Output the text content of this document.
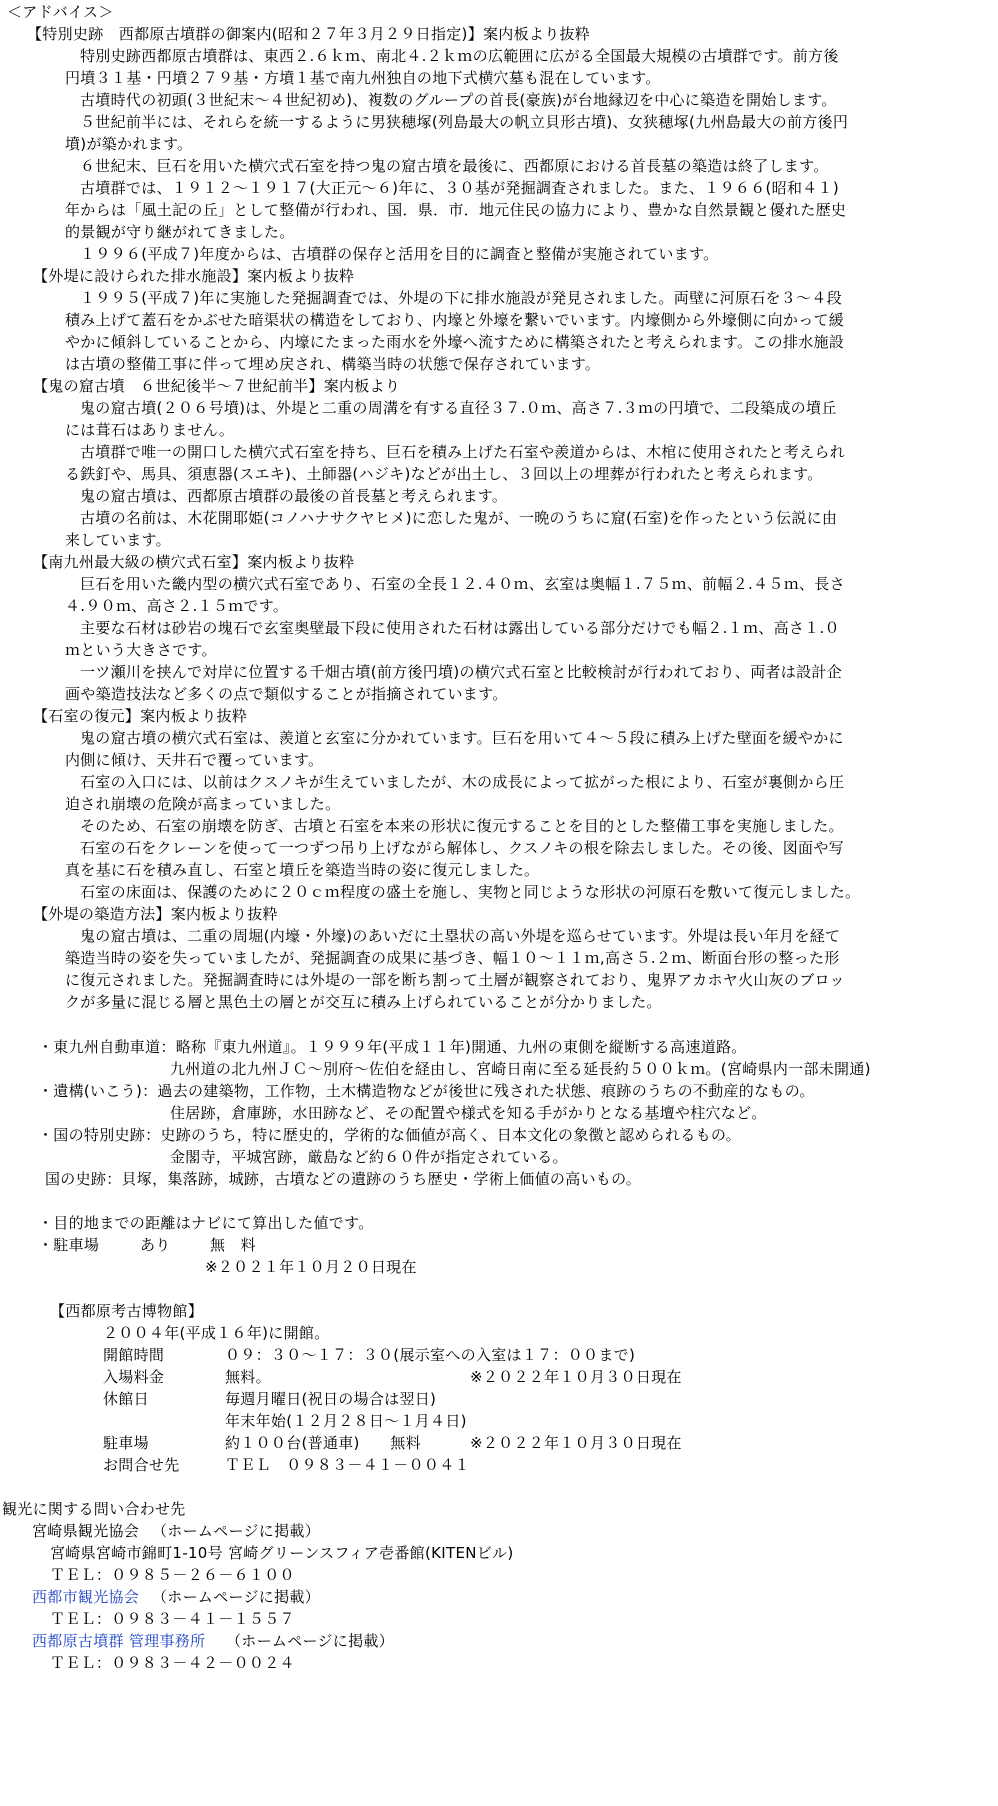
＜アドバイス＞
【特別史跡　西都原古墳群の御案内(昭和２７年３月２９日指定)】案内板より抜粋
特別史跡西都原古墳群は、東西２.６ｋｍ、南北４.２ｋｍの広範囲に広がる全国最大規模の古墳群です。前方後
円墳３１基・円墳２７９基・方墳１基で南九州独自の地下式横穴墓も混在しています。
古墳時代の初頭(３世紀末～４世紀初め)、複数のグループの首長(豪族)が台地縁辺を中心に築造を開始します。
５世紀前半には、それらを統一するように男狭穂塚(列島最大の帆立貝形古墳)、女狭穂塚(九州島最大の前方後円
墳)が築かれます。
６世紀末、巨石を用いた横穴式石室を持つ鬼の窟古墳を最後に、西都原における首長墓の築造は終了します。
古墳群では、１９１２～１９１７(大正元～６)年に、３０基が発掘調査されました。また、１９６６(昭和４１)
年からは「風土記の丘」として整備が行われ、国．県．市．地元住民の協力により、豊かな自然景観と優れた歴史
的景観が守り継がれてきました。
１９９６(平成７)年度からは、古墳群の保存と活用を目的に調査と整備が実施されています。
【外堤に設けられた排水施設】案内板より抜粋
１９９５(平成７)年に実施した発掘調査では、外堤の下に排水施設が発見されました。両壁に河原石を３～４段
積み上げて蓋石をかぶせた暗渠状の構造をしており、内壕と外壕を繋いでいます。内壕側から外壕側に向かって緩
やかに傾斜していることから、内壕にたまった雨水を外壕へ流すために構築されたと考えられます。この排水施設
は古墳の整備工事に伴って埋め戻され、構築当時の状態で保存されています。
【鬼の窟古墳　６世紀後半～７世紀前半】案内板より
鬼の窟古墳(２０６号墳)は、外堤と二重の周溝を有する直径３７.０ｍ、高さ７.３ｍの円墳で、二段築成の墳丘
には葺石はありません。
古墳群で唯一の開口した横穴式石室を持ち、巨石を積み上げた石室や羨道からは、木棺に使用されたと考えられ
る鉄釘や、馬具、須恵器(スエキ)、土師器(ハジキ)などが出土し、３回以上の埋葬が行われたと考えられます。
鬼の窟古墳は、西都原古墳群の最後の首長墓と考えられます。
古墳の名前は、木花開耶姫(コノハナサクヤヒメ)に恋した鬼が、一晩のうちに窟(石室)を作ったという伝説に由
来しています。
【南九州最大級の横穴式石室】案内板より抜粋
巨石を用いた畿内型の横穴式石室であり、石室の全長１２.４０ｍ、玄室は奥幅１.７５ｍ、前幅２.４５ｍ、長さ
４.９０ｍ、高さ２.１５ｍです。
主要な石材は砂岩の塊石で玄室奥壁最下段に使用された石材は露出している部分だけでも幅２.１ｍ、高さ１.０
ｍという大きさです。
一ツ瀬川を挟んで対岸に位置する千畑古墳(前方後円墳)の横穴式石室と比較検討が行われており、両者は設計企
画や築造技法など多くの点で類似することが指摘されています。
【石室の復元】案内板より抜粋
鬼の窟古墳の横穴式石室は、羨道と玄室に分かれています。巨石を用いて４～５段に積み上げた壁面を緩やかに
内側に傾け、天井石で覆っています。
石室の入口には、以前はクスノキが生えていましたが、木の成長によって拡がった根により、石室が裏側から圧
迫され崩壊の危険が高まっていました。
そのため、石室の崩壊を防ぎ、古墳と石室を本来の形状に復元することを目的とした整備工事を実施しました。
石室の石をクレーンを使って一つずつ吊り上げながら解体し、クスノキの根を除去しました。その後、図面や写
真を基に石を積み直し、石室と墳丘を築造当時の姿に復元しました。
石室の床面は、保護のために２０ｃｍ程度の盛土を施し、実物と同じような形状の河原石を敷いて復元しました。
【外堤の築造方法】案内板より抜粋
鬼の窟古墳は、二重の周堀(内壕・外壕)のあいだに土塁状の高い外堤を巡らせています。外堤は長い年月を経て
築造当時の姿を失っていましたが、発掘調査の成果に基づき、幅１０～１１ｍ,高さ５.２ｍ、断面台形の整った形
に復元されました。発掘調査時には外堤の一部を断ち割って土層が観察されており、鬼界アカホヤ火山灰のブロッ
クが多量に混じる層と黒色土の層とが交互に積み上げられていることが分かりました。
・東九州自動車道：略称『東九州道』。１９９９年(平成１１年)開通、九州の東側を縦断する高速道路。
九州道の北九州ＪＣ～別府～佐伯を経由し、宮崎日南に至る延長約５００ｋｍ。(宮崎県内一部未開通)
・遺構(いこう)：過去の建築物，工作物，土木構造物などが後世に残された状態、痕跡のうちの不動産的なもの。
住居跡，倉庫跡，水田跡など、その配置や様式を知る手がかりとなる基壇や柱穴など。
・国の特別史跡：史跡のうち，特に歴史的，学術的な価値が高く、日本文化の象徴と認められるもの。
金閣寺，平城宮跡，厳島など約６０件が指定されている。
国の史跡：貝塚，集落跡，城跡，古墳などの遺跡のうち歴史・学術上価値の高いもの。
・目的地までの距離はナビにて算出した値です。
・駐車場	あり	無　料
※２０２１年１０月２０日現在
【西都原考古博物館】
２００４年(平成１６年)に開館。
開館時間	０９：３０～１７：３０(展示室への入室は１７：００まで)
入場料金	無料。	※２０２２年１０月３０日現在
休館日	毎週月曜日(祝日の場合は翌日)
年末年始(１２月２８日～１月４日)
駐車場	約１００台(普通車)　　無料	※２０２２年１０月３０日現在
お問合せ先	ＴＥＬ　０９８３－４１－００４１
観光に関する問い合わせ先
宮崎県観光協会 （ホームページに掲載）
宮崎県宮崎市錦町1-10号 宮崎グリーンスフィア壱番館(KITENビル)
ＴＥＬ：０９８５－２６－６１００
西都市観光協会 （ホームページに掲載）
ＴＥＬ：０９８３－４１－１５５７
西都原古墳群 管理事務所 （ホームページに掲載）
ＴＥＬ：０９８３－４２－００２４
